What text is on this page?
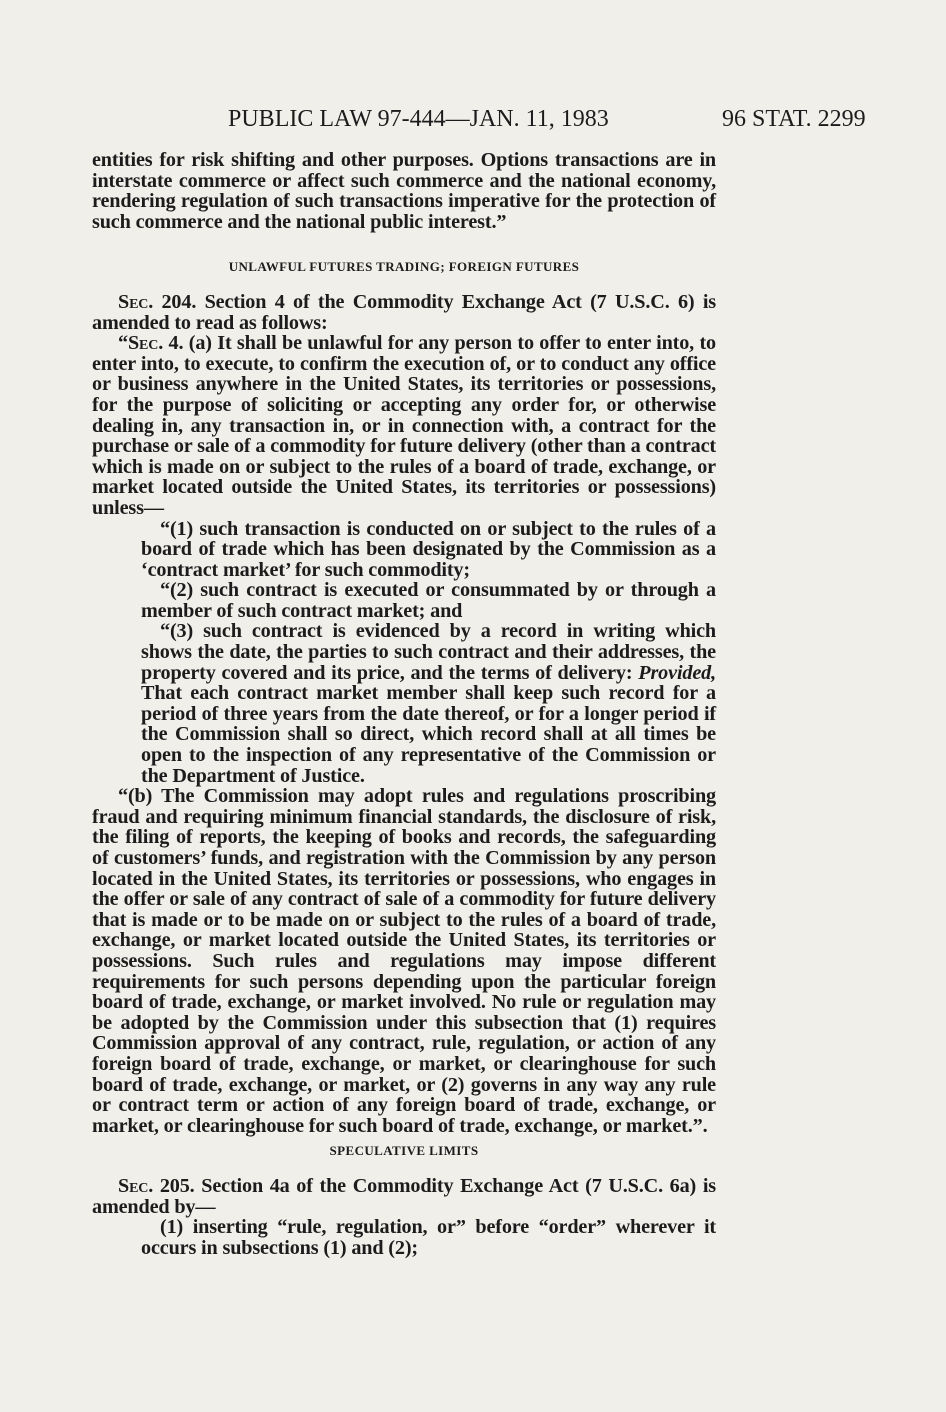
PUBLIC LAW 97-444—JAN. 11, 1983	96 STAT. 2299

entities for risk shifting and other purposes. Options transactions are in interstate commerce or affect such commerce and the national economy, rendering regulation of such transactions imperative for the protection of such commerce and the national public interest.”

UNLAWFUL FUTURES TRADING; FOREIGN FUTURES

Sec. 204. Section 4 of the Commodity Exchange Act (7 U.S.C. 6) is amended to read as follows:

“Sec. 4. (a) It shall be unlawful for any person to offer to enter into, to enter into, to execute, to confirm the execution of, or to conduct any office or business anywhere in the United States, its territories or possessions, for the purpose of soliciting or accepting any order for, or otherwise dealing in, any transaction in, or in connection with, a contract for the purchase or sale of a commodity for future delivery (other than a contract which is made on or subject to the rules of a board of trade, exchange, or market located outside the United States, its territories or possessions) unless—

“(1) such transaction is conducted on or subject to the rules of a board of trade which has been designated by the Commission as a ‘contract market’ for such commodity;

“(2) such contract is executed or consummated by or through a member of such contract market; and

“(3) such contract is evidenced by a record in writing which shows the date, the parties to such contract and their addresses, the property covered and its price, and the terms of delivery: Provided, That each contract market member shall keep such record for a period of three years from the date thereof, or for a longer period if the Commission shall so direct, which record shall at all times be open to the inspection of any representative of the Commission or the Department of Justice.

“(b) The Commission may adopt rules and regulations proscribing fraud and requiring minimum financial standards, the disclosure of risk, the filing of reports, the keeping of books and records, the safeguarding of customers’ funds, and registration with the Commission by any person located in the United States, its territories or possessions, who engages in the offer or sale of any contract of sale of a commodity for future delivery that is made or to be made on or subject to the rules of a board of trade, exchange, or market located outside the United States, its territories or possessions. Such rules and regulations may impose different requirements for such persons depending upon the particular foreign board of trade, exchange, or market involved. No rule or regulation may be adopted by the Commission under this subsection that (1) requires Commission approval of any contract, rule, regulation, or action of any foreign board of trade, exchange, or market, or clearinghouse for such board of trade, exchange, or market, or (2) governs in any way any rule or contract term or action of any foreign board of trade, exchange, or market, or clearinghouse for such board of trade, exchange, or market.”.

SPECULATIVE LIMITS

Sec. 205. Section 4a of the Commodity Exchange Act (7 U.S.C. 6a) is amended by—

(1) inserting “rule, regulation, or” before “order” wherever it occurs in subsections (1) and (2);
